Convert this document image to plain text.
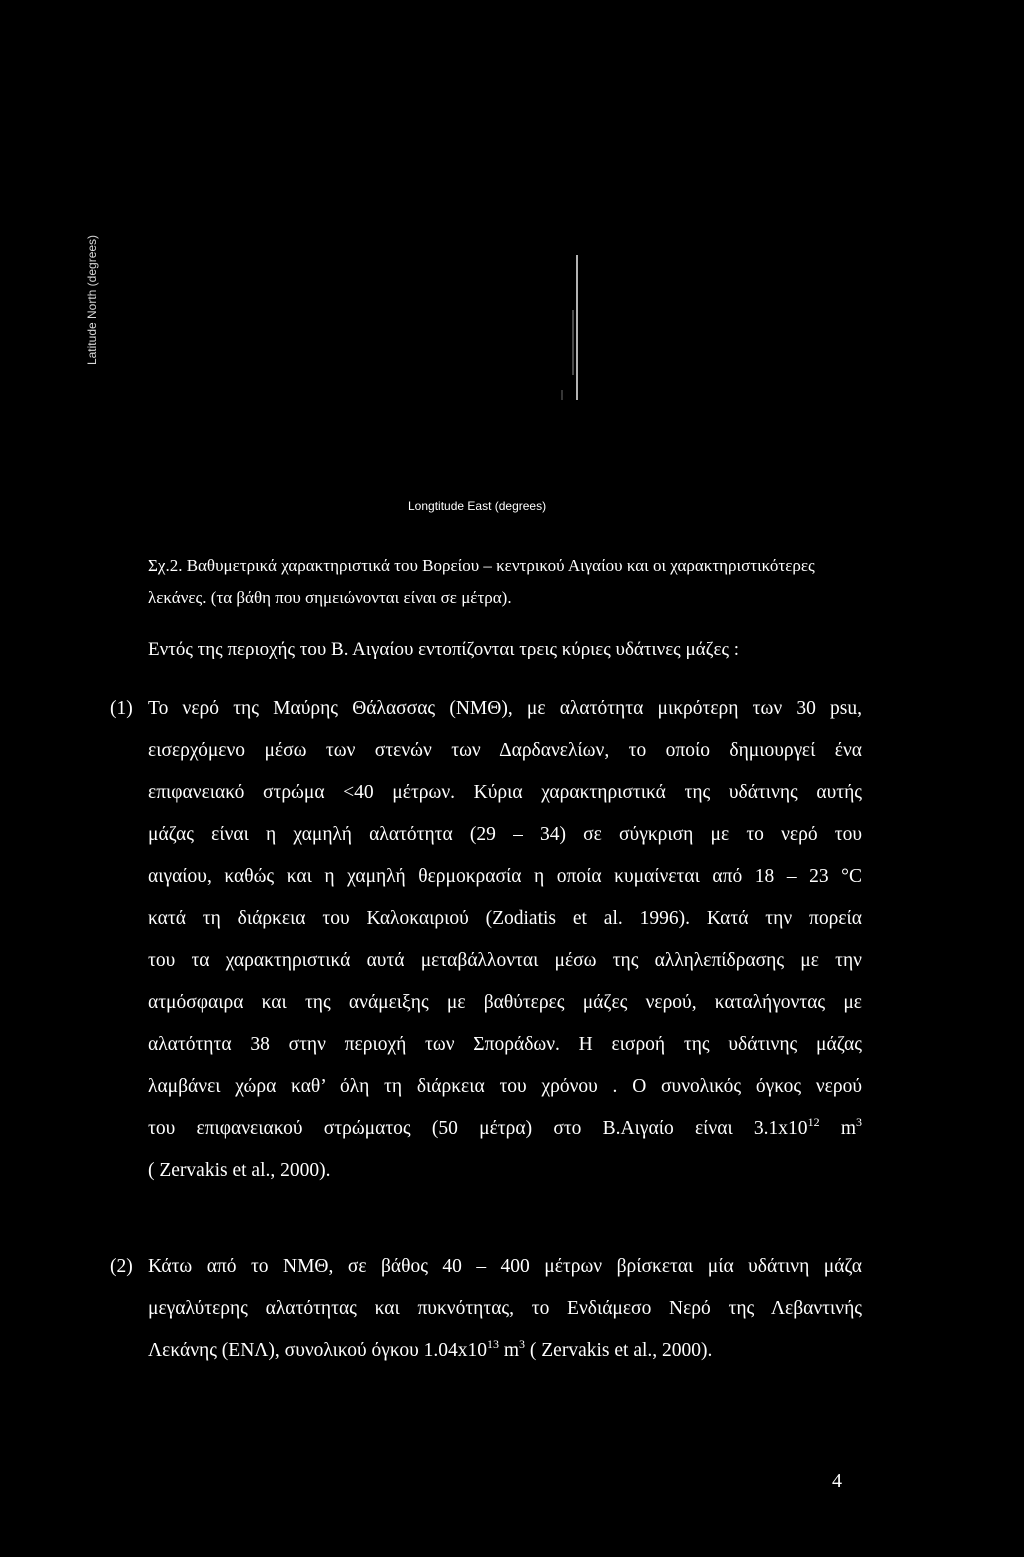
Latitude North (degrees)
Longtitude East (degrees)
Σχ.2. Βαθυμετρικά χαρακτηριστικά του Βορείου – κεντρικού Αιγαίου και οι χαρακτηριστικότερες
λεκάνες. (τα βάθη που σημειώνονται είναι σε μέτρα).
Εντός της περιοχής του Β. Αιγαίου εντοπίζονται τρεις κύριες υδάτινες μάζες :
(1) Το νερό της Μαύρης Θάλασσας (ΝΜΘ), με αλατότητα μικρότερη των 30 psu,
εισερχόμενο μέσω των στενών των Δαρδανελίων, το οποίο δημιουργεί ένα
επιφανειακό στρώμα <40 μέτρων. Κύρια χαρακτηριστικά της υδάτινης αυτής
μάζας είναι η χαμηλή αλατότητα (29 – 34) σε σύγκριση με το νερό του
αιγαίου, καθώς και η χαμηλή θερμοκρασία η οποία κυμαίνεται από 18 – 23 °C
κατά τη διάρκεια του Καλοκαιριού (Zodiatis et al. 1996). Κατά την πορεία
του τα χαρακτηριστικά αυτά μεταβάλλονται μέσω της αλληλεπίδρασης με την
ατμόσφαιρα και της ανάμειξης με βαθύτερες μάζες νερού, καταλήγοντας με
αλατότητα 38 στην περιοχή των Σποράδων. Η εισροή της υδάτινης μάζας
λαμβάνει χώρα καθ’ όλη τη διάρκεια του χρόνου . Ο συνολικός όγκος νερού
του επιφανειακού στρώματος (50 μέτρα) στο Β.Αιγαίο είναι $3.1x10^{12}$ $m^3$
( Zervakis et al., 2000).
(2) Κάτω από το ΝΜΘ, σε βάθος 40 – 400 μέτρων βρίσκεται μία υδάτινη μάζα
μεγαλύτερης αλατότητας και πυκνότητας, το Ενδιάμεσο Νερό της Λεβαντινής
Λεκάνης (ΕΝΛ), συνολικού όγκου $1.04x10^{13}$ $m^3$ ( Zervakis et al., 2000).
4
